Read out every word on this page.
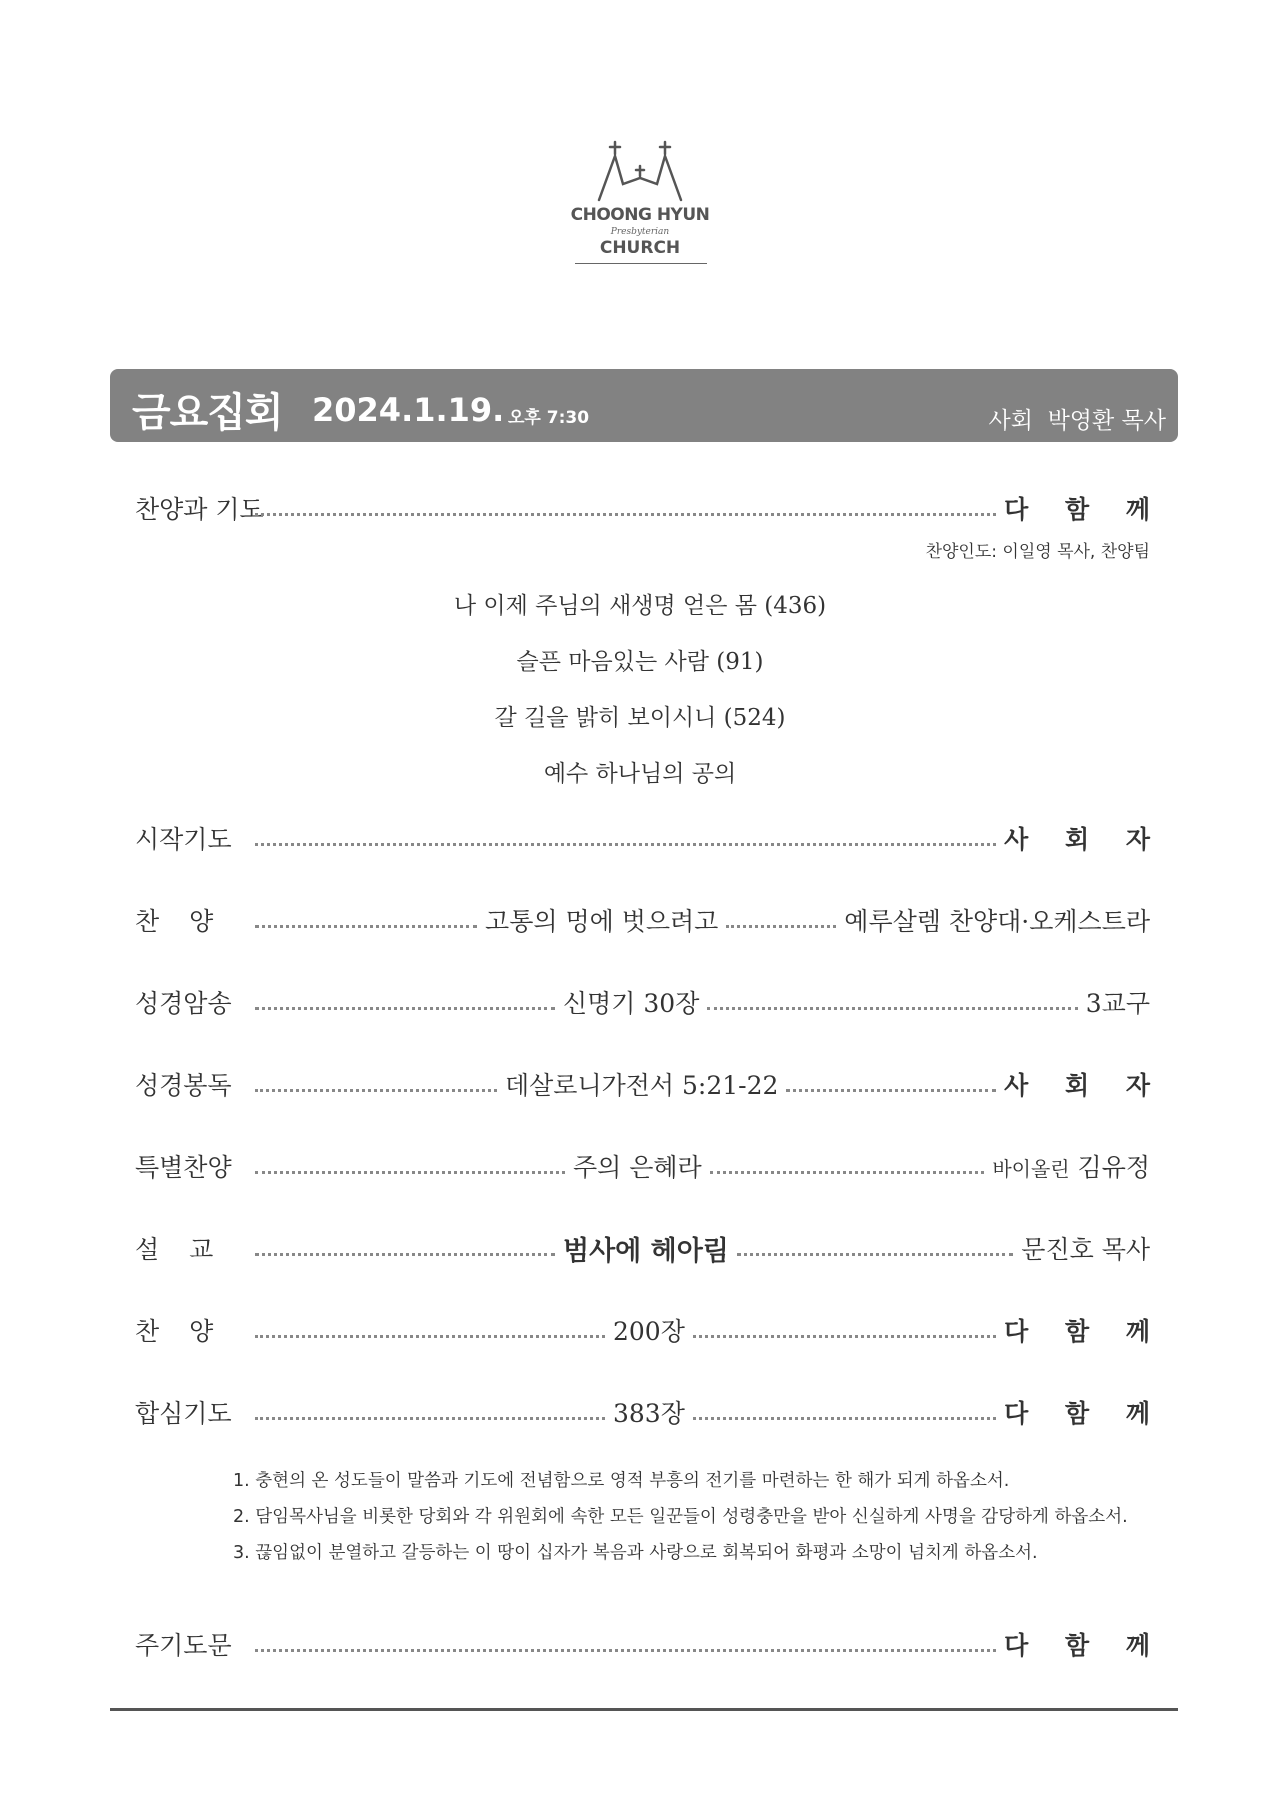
CHOONG HYUN
Presbyterian
CHURCH
금요집회 2024.1.19. 오후 7:30	사회  박영환 목사
찬양과 기도	다 함 께
찬양인도: 이일영 목사, 찬양팀
나 이제 주님의 새생명 얻은 몸 (436)
슬픈 마음있는 사람 (91)
갈 길을 밝히 보이시니 (524)
예수 하나님의 공의
시작기도	사 회 자
찬양	고통의 멍에 벗으려고	예루살렘 찬양대·오케스트라
성경암송	신명기 30장	3교구
성경봉독	데살로니가전서 5:21-22	사 회 자
특별찬양	주의 은혜라	바이올린 김유정
설교	범사에 헤아림	문진호 목사
찬양	200장	다 함 께
합심기도	383장	다 함 께
1. 충현의 온 성도들이 말씀과 기도에 전념함으로 영적 부흥의 전기를 마련하는 한 해가 되게 하옵소서.
2. 담임목사님을 비롯한 당회와 각 위원회에 속한 모든 일꾼들이 성령충만을 받아 신실하게 사명을 감당하게 하옵소서.
3. 끊임없이 분열하고 갈등하는 이 땅이 십자가 복음과 사랑으로 회복되어 화평과 소망이 넘치게 하옵소서.
주기도문	다 함 께
